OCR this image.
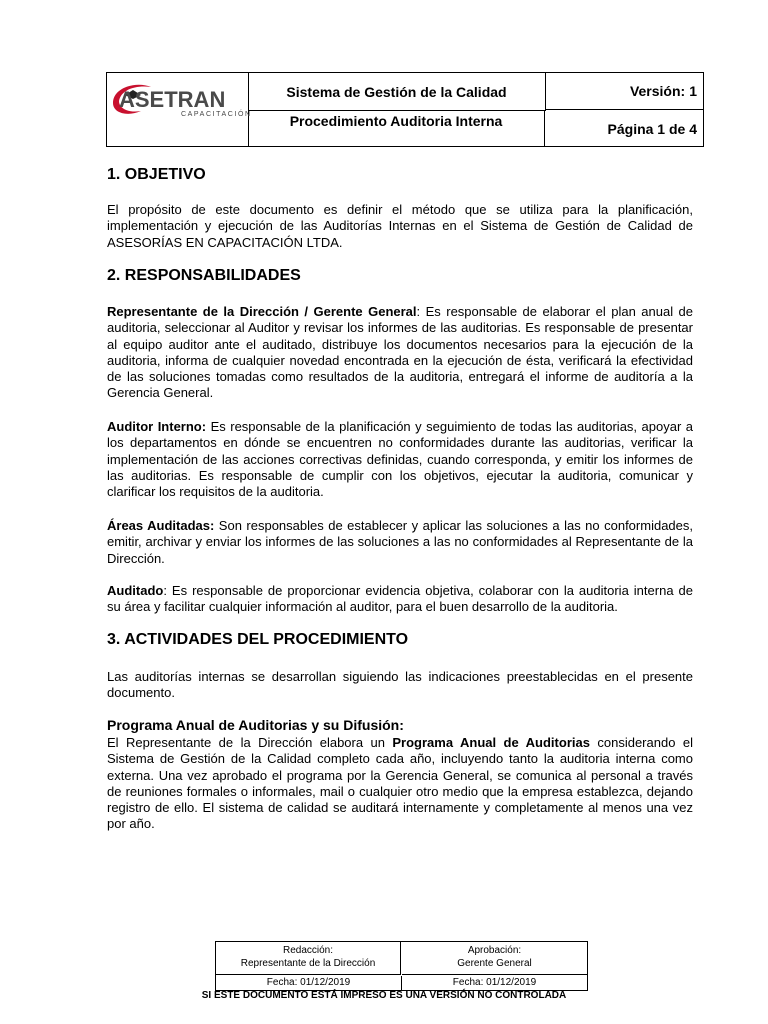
ASETRAN
CAPACITACIÓN
Sistema de Gestión de la Calidad
Procedimiento Auditoria Interna
Versión: 1
Página 1 de 4
1. OBJETIVO
El propósito de este documento es definir el método que se utiliza para la planificación, implementación y ejecución de las Auditorías Internas en el Sistema de Gestión de Calidad de ASESORÍAS EN CAPACITACIÓN LTDA.
2. RESPONSABILIDADES
Representante de la Dirección / Gerente General: Es responsable de elaborar el plan anual de auditoria, seleccionar al Auditor y revisar los informes de las auditorias. Es responsable de presentar al equipo auditor ante el auditado, distribuye los documentos necesarios para la ejecución de la auditoria, informa de cualquier novedad encontrada en la ejecución de ésta, verificará la efectividad de las soluciones tomadas como resultados de la auditoria, entregará el informe de auditoría a la Gerencia General.
Auditor Interno: Es responsable de la planificación y seguimiento de todas las auditorias, apoyar a los departamentos en dónde se encuentren no conformidades durante las auditorias, verificar la implementación de las acciones correctivas definidas, cuando corresponda, y emitir los informes de las auditorias. Es responsable de cumplir con los objetivos, ejecutar la auditoria, comunicar y clarificar los requisitos de la auditoria.
Áreas Auditadas: Son responsables de establecer y aplicar las soluciones a las no conformidades, emitir, archivar y enviar los informes de las soluciones a las no conformidades al Representante de la Dirección.
Auditado: Es responsable de proporcionar evidencia objetiva, colaborar con la auditoria interna de su área y facilitar cualquier información al auditor, para el buen desarrollo de la auditoria.
3. ACTIVIDADES DEL PROCEDIMIENTO
Las auditorías internas se desarrollan siguiendo las indicaciones preestablecidas en el presente documento.
Programa Anual de Auditorias y su Difusión:
El Representante de la Dirección elabora un Programa Anual de Auditorias considerando el Sistema de Gestión de la Calidad completo cada año, incluyendo tanto la auditoria interna como externa. Una vez aprobado el programa por la Gerencia General, se comunica al personal a través de reuniones formales o informales, mail o cualquier otro medio que la empresa establezca, dejando registro de ello. El sistema de calidad se auditará internamente y completamente al menos una vez por año.
Redacción:
Representante de la Dirección
Aprobación:
Gerente General
Fecha: 01/12/2019	Fecha: 01/12/2019
SI ESTE DOCUMENTO ESTÁ IMPRESO ES UNA VERSIÓN NO CONTROLADA
